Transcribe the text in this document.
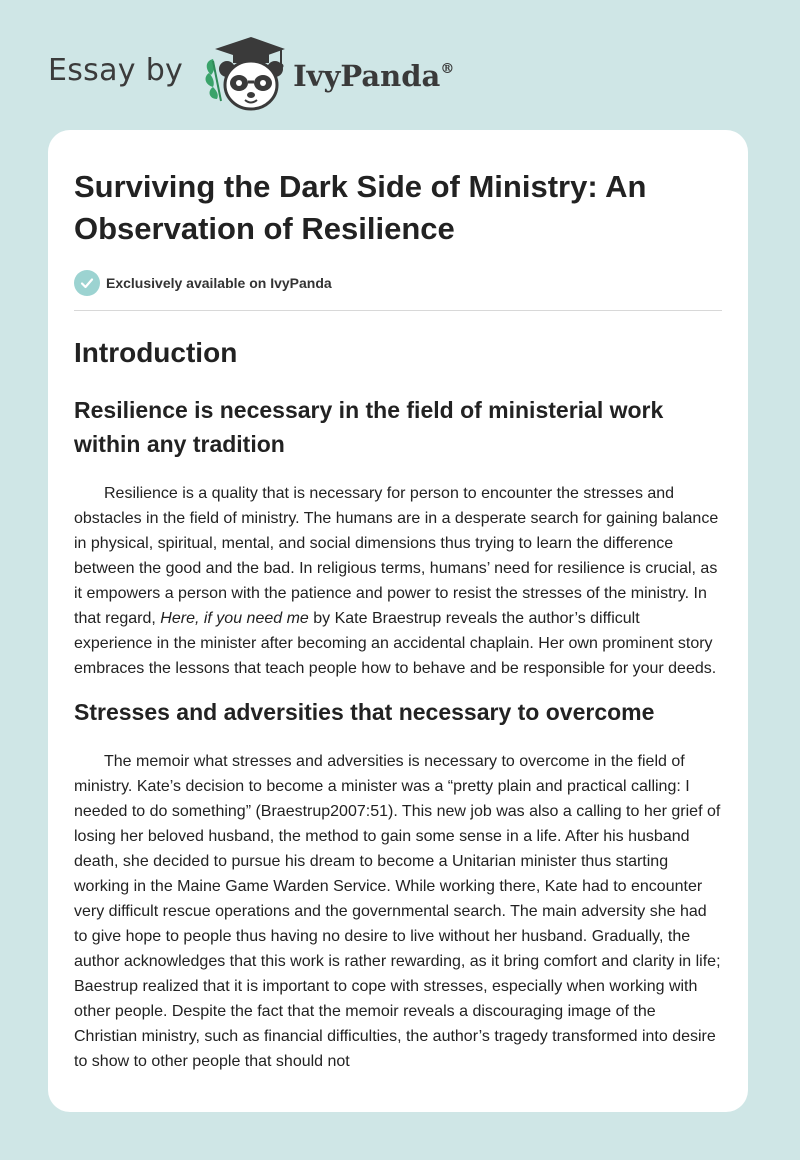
Essay by	IvyPanda®
Surviving the Dark Side of Ministry: An Observation of Resilience
Exclusively available on IvyPanda
Introduction
Resilience is necessary in the field of ministerial work within any tradition

Resilience is a quality that is necessary for person to encounter the stresses and obstacles in the field of ministry. The humans are in a desperate search for gaining balance in physical, spiritual, mental, and social dimensions thus trying to learn the difference between the good and the bad. In religious terms, humans’ need for resilience is crucial, as it empowers a person with the patience and power to resist the stresses of the ministry. In that regard, Here, if you need me by Kate Braestrup reveals the author’s difficult experience in the minister after becoming an accidental chaplain. Her own prominent story embraces the lessons that teach people how to behave and be responsible for your deeds.

Stresses and adversities that necessary to overcome

The memoir what stresses and adversities is necessary to overcome in the field of ministry. Kate’s decision to become a minister was a “pretty plain and practical calling: I needed to do something” (Braestrup2007:51). This new job was also a calling to her grief of losing her beloved husband, the method to gain some sense in a life. After his husband death, she decided to pursue his dream to become a Unitarian minister thus starting working in the Maine Game Warden Service. While working there, Kate had to encounter very difficult rescue operations and the governmental search. The main adversity she had to give hope to people thus having no desire to live without her husband. Gradually, the author acknowledges that this work is rather rewarding, as it bring comfort and clarity in life; Baestrup realized that it is important to cope with stresses, especially when working with other people. Despite the fact that the memoir reveals a discouraging image of the Christian ministry, such as financial difficulties, the author’s tragedy transformed into desire to show to other people that should not
